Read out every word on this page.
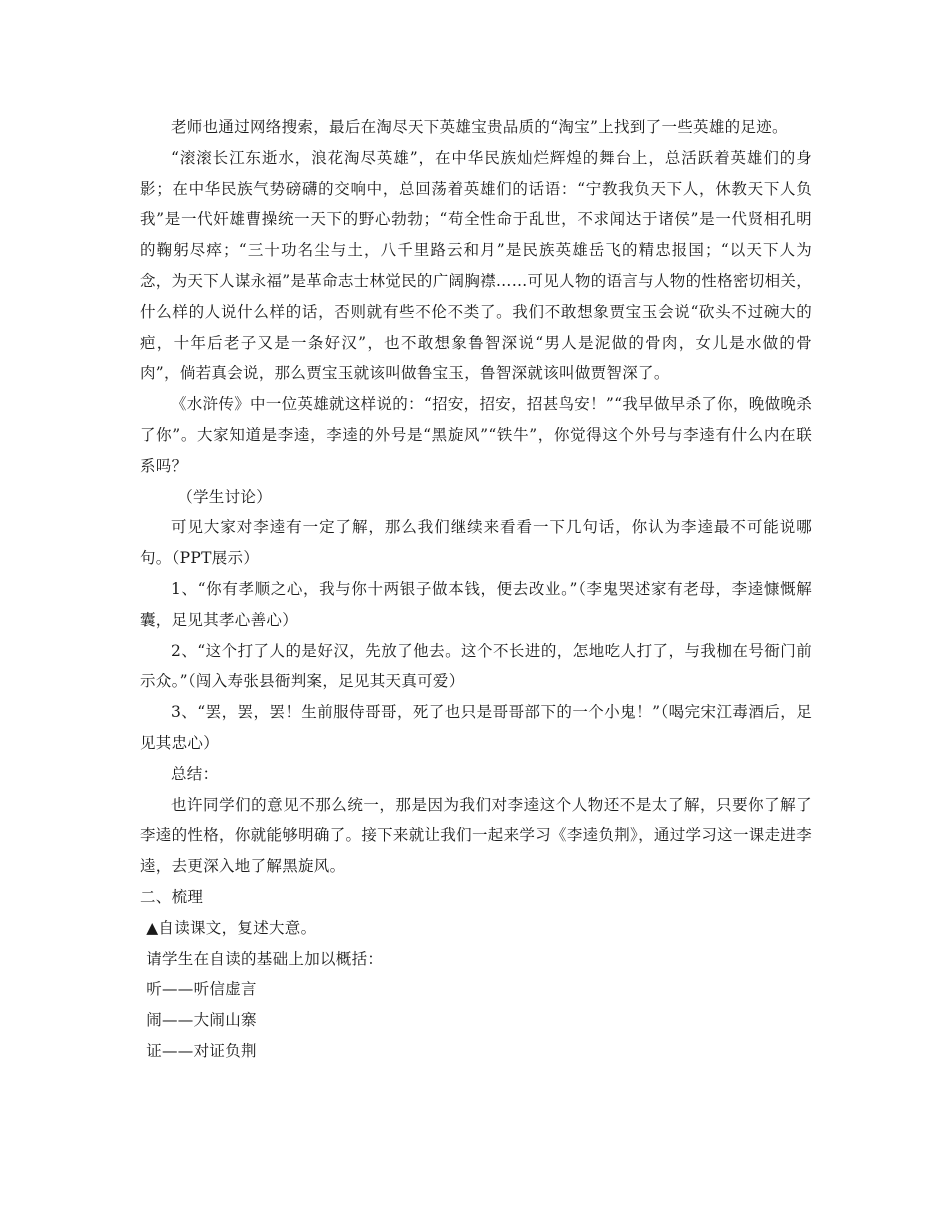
老师也通过网络搜索，最后在淘尽天下英雄宝贵品质的“淘宝”上找到了一些英雄的足迹。

“滚滚长江东逝水，浪花淘尽英雄”，在中华民族灿烂辉煌的舞台上，总活跃着英雄们的身影；在中华民族气势磅礴的交响中，总回荡着英雄们的话语：“宁教我负天下人，休教天下人负我”是一代奸雄曹操统一天下的野心勃勃；“苟全性命于乱世，不求闻达于诸侯”是一代贤相孔明的鞠躬尽瘁；“三十功名尘与土，八千里路云和月”是民族英雄岳飞的精忠报国；“以天下人为念，为天下人谋永福”是革命志士林觉民的广阔胸襟……可见人物的语言与人物的性格密切相关，什么样的人说什么样的话，否则就有些不伦不类了。我们不敢想象贾宝玉会说“砍头不过碗大的疤，十年后老子又是一条好汉”，也不敢想象鲁智深说“男人是泥做的骨肉，女儿是水做的骨肉”，倘若真会说，那么贾宝玉就该叫做鲁宝玉，鲁智深就该叫做贾智深了。

《水浒传》中一位英雄就这样说的：“招安，招安，招甚鸟安！”“我早做早杀了你，晚做晚杀了你”。大家知道是李逵，李逵的外号是“黑旋风”“铁牛”，你觉得这个外号与李逵有什么内在联系吗？

（学生讨论）

可见大家对李逵有一定了解，那么我们继续来看看一下几句话，你认为李逵最不可能说哪句。（PPT展示）

1、“你有孝顺之心，我与你十两银子做本钱，便去改业。”（李鬼哭述家有老母，李逵慷慨解囊，足见其孝心善心）

2、“这个打了人的是好汉，先放了他去。这个不长进的，怎地吃人打了，与我枷在号衙门前示众。”（闯入寿张县衙判案，足见其天真可爱）

3、“罢，罢，罢！生前服侍哥哥，死了也只是哥哥部下的一个小鬼！”（喝完宋江毒酒后，足见其忠心）

总结：

也许同学们的意见不那么统一，那是因为我们对李逵这个人物还不是太了解，只要你了解了李逵的性格，你就能够明确了。接下来就让我们一起来学习《李逵负荆》，通过学习这一课走进李逵，去更深入地了解黑旋风。

二、梳理

▲自读课文，复述大意。

请学生在自读的基础上加以概括：

听——听信虚言

闹——大闹山寨

证——对证负荆
